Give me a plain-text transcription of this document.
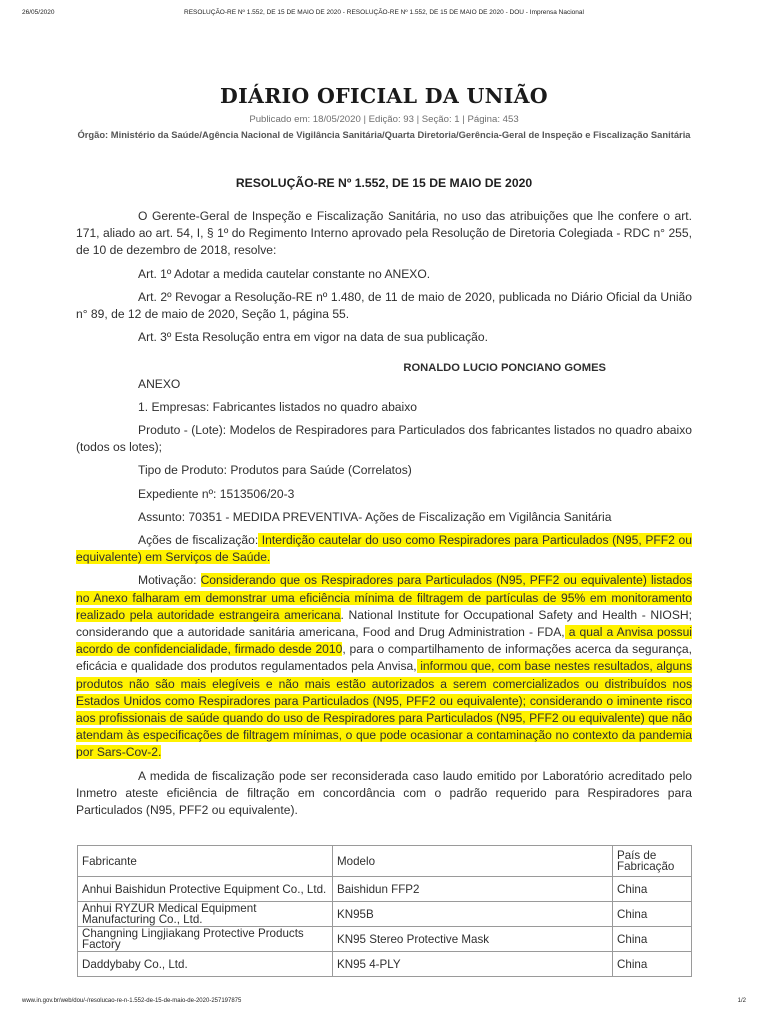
26/05/2020	RESOLUÇÃO-RE Nº 1.552, DE 15 DE MAIO DE 2020 - RESOLUÇÃO-RE Nº 1.552, DE 15 DE MAIO DE 2020 - DOU - Imprensa Nacional
DIÁRIO OFICIAL DA UNIÃO
Publicado em: 18/05/2020 | Edição: 93 | Seção: 1 | Página: 453
Órgão: Ministério da Saúde/Agência Nacional de Vigilância Sanitária/Quarta Diretoria/Gerência-Geral de Inspeção e Fiscalização Sanitária
RESOLUÇÃO-RE Nº 1.552, DE 15 DE MAIO DE 2020

O Gerente-Geral de Inspeção e Fiscalização Sanitária, no uso das atribuições que lhe confere o art. 171, aliado ao art. 54, I, § 1º do Regimento Interno aprovado pela Resolução de Diretoria Colegiada - RDC n° 255, de 10 de dezembro de 2018, resolve:

Art. 1º Adotar a medida cautelar constante no ANEXO.

Art. 2º Revogar a Resolução-RE nº 1.480, de 11 de maio de 2020, publicada no Diário Oficial da União n° 89, de 12 de maio de 2020, Seção 1, página 55.

Art. 3º Esta Resolução entra em vigor na data de sua publicação.

RONALDO LUCIO PONCIANO GOMES

ANEXO

1. Empresas: Fabricantes listados no quadro abaixo

Produto - (Lote): Modelos de Respiradores para Particulados dos fabricantes listados no quadro abaixo (todos os lotes);

Tipo de Produto: Produtos para Saúde (Correlatos)

Expediente nº: 1513506/20-3

Assunto: 70351 - MEDIDA PREVENTIVA- Ações de Fiscalização em Vigilância Sanitária

Ações de fiscalização: Interdição cautelar do uso como Respiradores para Particulados (N95, PFF2 ou equivalente) em Serviços de Saúde.

Motivação: Considerando que os Respiradores para Particulados (N95, PFF2 ou equivalente) listados no Anexo falharam em demonstrar uma eficiência mínima de filtragem de partículas de 95% em monitoramento realizado pela autoridade estrangeira americana. National Institute for Occupational Safety and Health - NIOSH; considerando que a autoridade sanitária americana, Food and Drug Administration - FDA, a qual a Anvisa possui acordo de confidencialidade, firmado desde 2010, para o compartilhamento de informações acerca da segurança, eficácia e qualidade dos produtos regulamentados pela Anvisa, informou que, com base nestes resultados, alguns produtos não são mais elegíveis e não mais estão autorizados a serem comercializados ou distribuídos nos Estados Unidos como Respiradores para Particulados (N95, PFF2 ou equivalente); considerando o iminente risco aos profissionais de saúde quando do uso de Respiradores para Particulados (N95, PFF2 ou equivalente) que não atendam às especificações de filtragem mínimas, o que pode ocasionar a contaminação no contexto da pandemia por Sars-Cov-2.

A medida de fiscalização pode ser reconsiderada caso laudo emitido por Laboratório acreditado pelo Inmetro ateste eficiência de filtração em concordância com o padrão requerido para Respiradores para Particulados (N95, PFF2 ou equivalente).

Fabricante	Modelo	País de Fabricação
Anhui Baishidun Protective Equipment Co., Ltd.	Baishidun FFP2	China
Anhui RYZUR Medical Equipment Manufacturing Co., Ltd.	KN95B	China
Changning Lingjiakang Protective Products Factory	KN95 Stereo Protective Mask	China
Daddybaby Co., Ltd.	KN95 4-PLY	China
www.in.gov.br/web/dou/-/resolucao-re-n-1.552-de-15-de-maio-de-2020-257197875	1/2
